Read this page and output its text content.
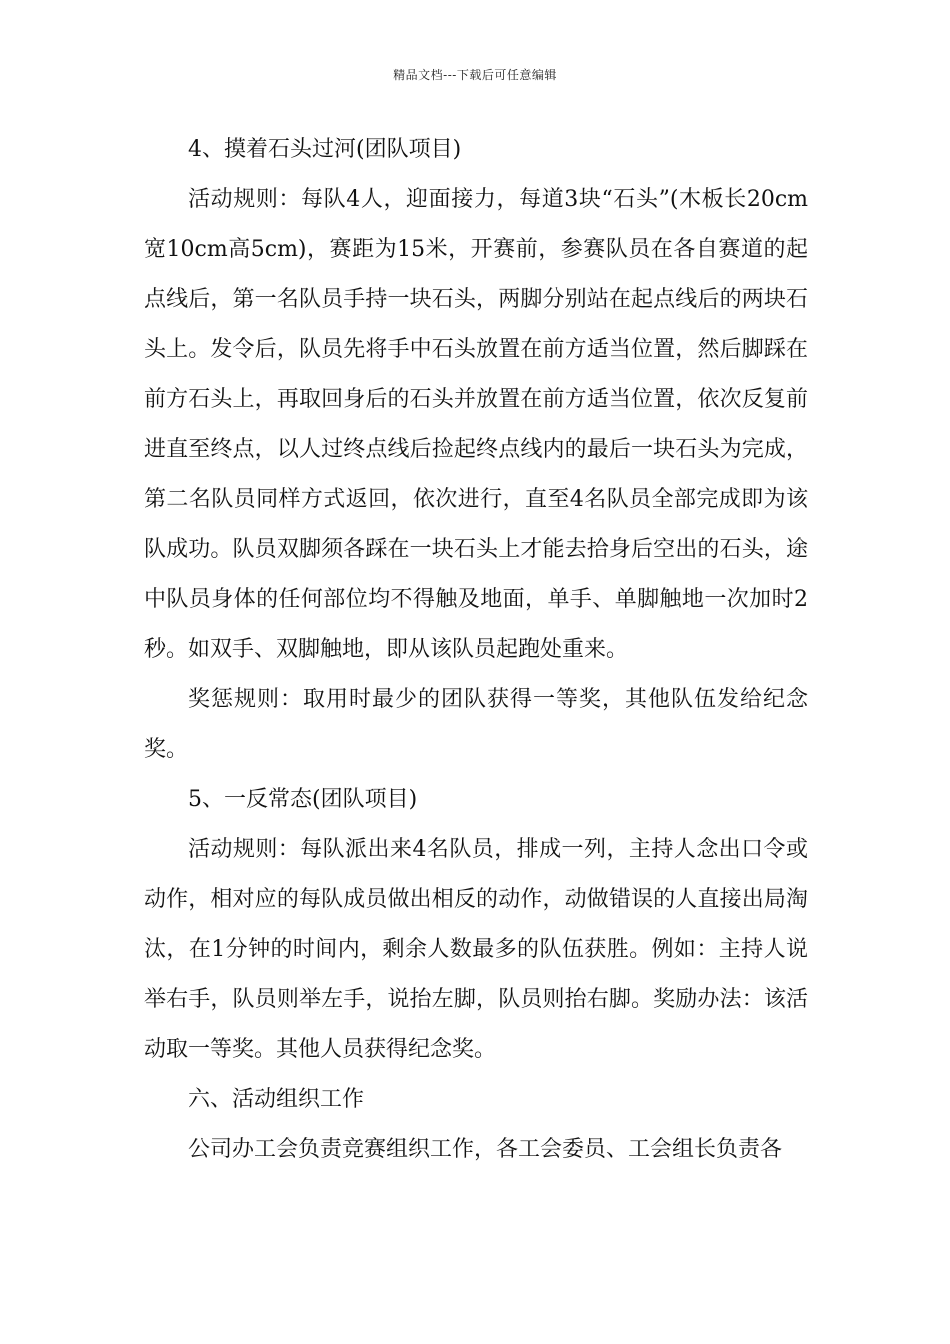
精品文档---下载后可任意编辑

4、摸着石头过河(团队项目)

活动规则：每队4人，迎面接力，每道3块“石头”(木板长20cm宽10cm高5cm)，赛距为15米，开赛前，参赛队员在各自赛道的起点线后，第一名队员手持一块石头，两脚分别站在起点线后的两块石头上。发令后，队员先将手中石头放置在前方适当位置，然后脚踩在前方石头上，再取回身后的石头并放置在前方适当位置，依次反复前进直至终点，以人过终点线后捡起终点线内的最后一块石头为完成，第二名队员同样方式返回，依次进行，直至4名队员全部完成即为该队成功。队员双脚须各踩在一块石头上才能去拾身后空出的石头，途中队员身体的任何部位均不得触及地面，单手、单脚触地一次加时2秒。如双手、双脚触地，即从该队员起跑处重来。

奖惩规则：取用时最少的团队获得一等奖，其他队伍发给纪念奖。

5、一反常态(团队项目)

活动规则：每队派出来4名队员，排成一列，主持人念出口令或动作，相对应的每队成员做出相反的动作，动做错误的人直接出局淘汰，在1分钟的时间内，剩余人数最多的队伍获胜。例如：主持人说举右手，队员则举左手，说抬左脚，队员则抬右脚。奖励办法：该活动取一等奖。其他人员获得纪念奖。

六、活动组织工作

公司办工会负责竞赛组织工作，各工会委员、工会组长负责各
